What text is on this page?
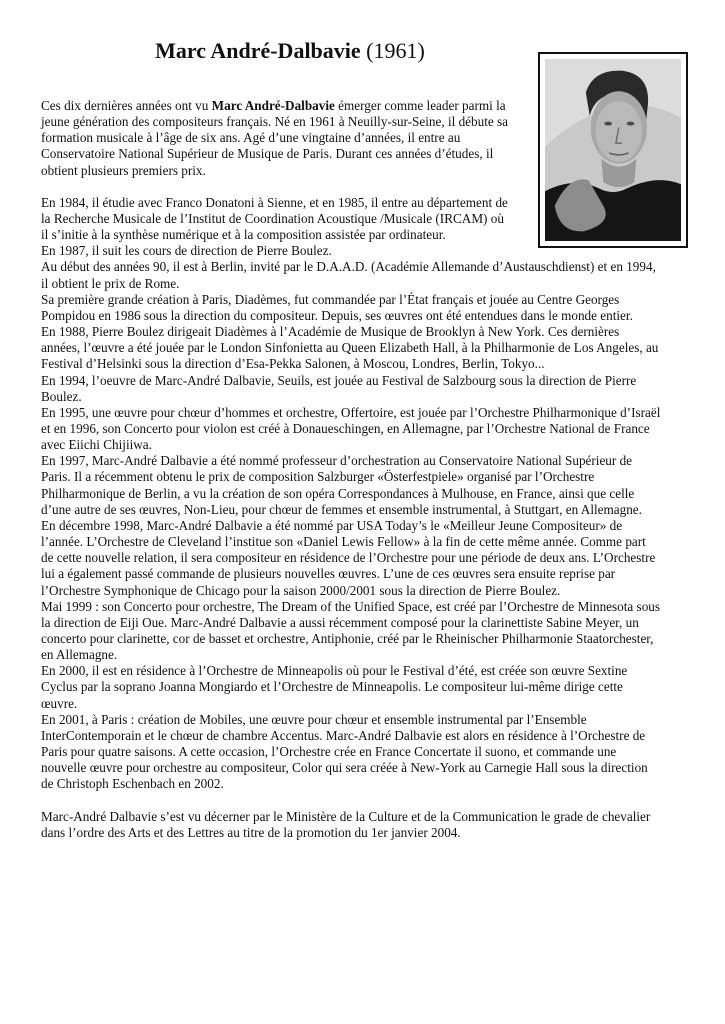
Marc André-Dalbavie (1961)

Ces dix dernières années ont vu Marc André-Dalbavie émerger comme leader parmi la jeune génération des compositeurs français. Né en 1961 à Neuilly-sur-Seine, il débute sa formation musicale à l’âge de six ans. Agé d’une vingtaine d’années, il entre au Conservatoire National Supérieur de Musique de Paris. Durant ces années d’études, il obtient plusieurs premiers prix.

En 1984, il étudie avec Franco Donatoni à Sienne, et en 1985, il entre au département de la Recherche Musicale de l’Institut de Coordination Acoustique /Musicale (IRCAM) où il s’initie à la synthèse numérique et à la composition assistée par ordinateur.

En 1987, il suit les cours de direction de Pierre Boulez.

Au début des années 90, il est à Berlin, invité par le D.A.A.D. (Académie Allemande d’Austauschdienst) et en 1994, il obtient le prix de Rome.

Sa première grande création à Paris, Diadèmes, fut commandée par l’État français et jouée au Centre Georges Pompidou en 1986 sous la direction du compositeur. Depuis, ses œuvres ont été entendues dans le monde entier.

En 1988, Pierre Boulez dirigeait Diadèmes à l’Académie de Musique de Brooklyn à New York. Ces dernières années, l’œuvre a été jouée par le London Sinfonietta au Queen Elizabeth Hall, à la Philharmonie de Los Angeles, au Festival d’Helsinki sous la direction d’Esa-Pekka Salonen, à Moscou, Londres, Berlin, Tokyo...

En 1994, l’oeuvre de Marc-André Dalbavie, Seuils, est jouée au Festival de Salzbourg sous la direction de Pierre Boulez.

En 1995, une œuvre pour chœur d’hommes et orchestre, Offertoire, est jouée par l’Orchestre Philharmonique d’Israël et en 1996, son Concerto pour violon est créé à Donaueschingen, en Allemagne, par l’Orchestre National de France avec Eiichi Chijiiwa.

En 1997, Marc-André Dalbavie a été nommé professeur d’orchestration au Conservatoire National Supérieur de Paris. Il a récemment obtenu le prix de composition Salzburger «Österfestpiele» organisé par l’Orchestre Philharmonique de Berlin, a vu la création de son opéra Correspondances à Mulhouse, en France, ainsi que celle d’une autre de ses œuvres, Non-Lieu, pour chœur de femmes et ensemble instrumental, à Stuttgart, en Allemagne.

En décembre 1998, Marc-André Dalbavie a été nommé par USA Today’s le «Meilleur Jeune Compositeur» de l’année. L’Orchestre de Cleveland l’institue son «Daniel Lewis Fellow» à la fin de cette même année. Comme part de cette nouvelle relation, il sera compositeur en résidence de l’Orchestre pour une période de deux ans. L’Orchestre lui a également passé commande de plusieurs nouvelles œuvres. L’une de ces œuvres sera ensuite reprise par l’Orchestre Symphonique de Chicago pour la saison 2000/2001 sous la direction de Pierre Boulez.

Mai 1999 : son Concerto pour orchestre, The Dream of the Unified Space, est créé par l’Orchestre de Minnesota sous la direction de Eiji Oue. Marc-André Dalbavie a aussi récemment composé pour la clarinettiste Sabine Meyer, un concerto pour clarinette, cor de basset et orchestre, Antiphonie, créé par le Rheinischer Philharmonie Staatorchester, en Allemagne.

En 2000, il est en résidence à l’Orchestre de Minneapolis où pour le Festival d’été, est créée son œuvre Sextine Cyclus par la soprano Joanna Mongiardo et l’Orchestre de Minneapolis. Le compositeur lui-même dirige cette œuvre.

En 2001, à Paris : création de Mobiles, une œuvre pour chœur et ensemble instrumental par l’Ensemble InterContemporain et le chœur de chambre Accentus. Marc-André Dalbavie est alors en résidence à l’Orchestre de Paris pour quatre saisons. A cette occasion, l’Orchestre crée en France Concertate il suono, et commande une nouvelle œuvre pour orchestre au compositeur, Color qui sera créée à New-York au Carnegie Hall sous la direction de Christoph Eschenbach en 2002.

Marc-André Dalbavie s’est vu décerner par le Ministère de la Culture et de la Communication le grade de chevalier dans l’ordre des Arts et des Lettres au titre de la promotion du 1er janvier 2004.
